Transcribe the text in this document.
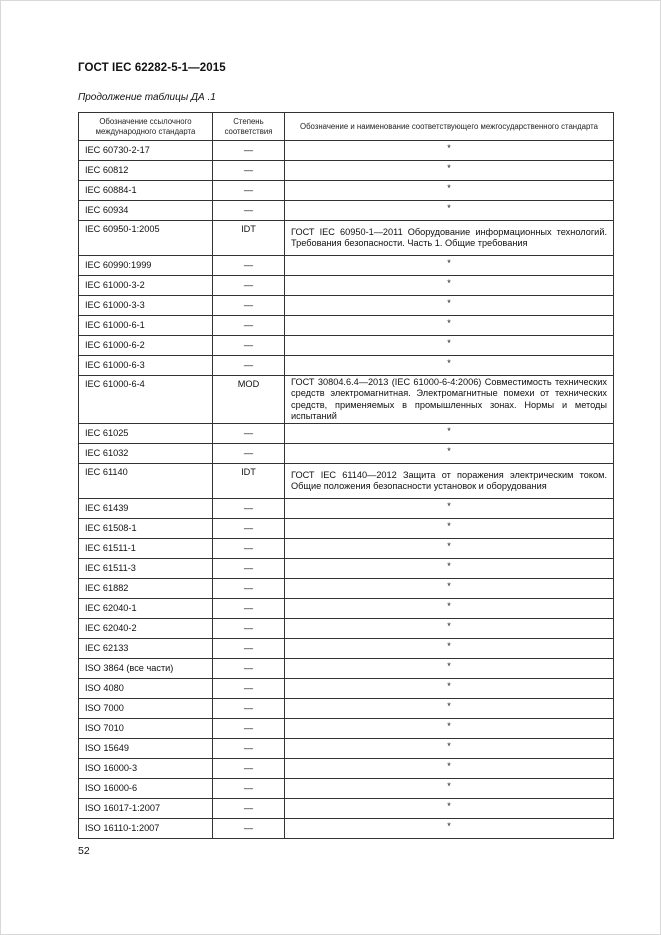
ГОСТ IEC 62282-5-1—2015
Продолжение таблицы ДА .1
Обозначение ссылочного международного стандарта	Степень соответствия	Обозначение и наименование соответствующего межгосударственного стандарта
IEC 60730-2-17	—	*
IEC 60812	—	*
IEC 60884-1	—	*
IEC 60934	—	*
IEC 60950-1:2005	IDT	ГОСТ IEC 60950-1—2011 Оборудование информационных технологий. Требования безопасности. Часть 1. Общие требования
IEC 60990:1999	—	*
IEC 61000-3-2	—	*
IEC 61000-3-3	—	*
IEC 61000-6-1	—	*
IEC 61000-6-2	—	*
IEC 61000-6-3	—	*
IEC 61000-6-4	MOD	ГОСТ 30804.6.4—2013 (IEC 61000-6-4:2006) Совместимость технических средств электромагнитная. Электромагнитные помехи от технических средств, применяемых в промышленных зонах. Нормы и методы испытаний
IEC 61025	—	*
IEC 61032	—	*
IEC 61140	IDT	ГОСТ IEC 61140—2012 Защита от поражения электрическим током. Общие положения безопасности установок и оборудования
IEC 61439	—	*
IEC 61508-1	—	*
IEC 61511-1	—	*
IEC 61511-3	—	*
IEC 61882	—	*
IEC 62040-1	—	*
IEC 62040-2	—	*
IEC 62133	—	*
ISO 3864 (все части)	—	*
ISO 4080	—	*
ISO 7000	—	*
ISO 7010	—	*
ISO 15649	—	*
ISO 16000-3	—	*
ISO 16000-6	—	*
ISO 16017-1:2007	—	*
ISO 16110-1:2007	—	*
52
